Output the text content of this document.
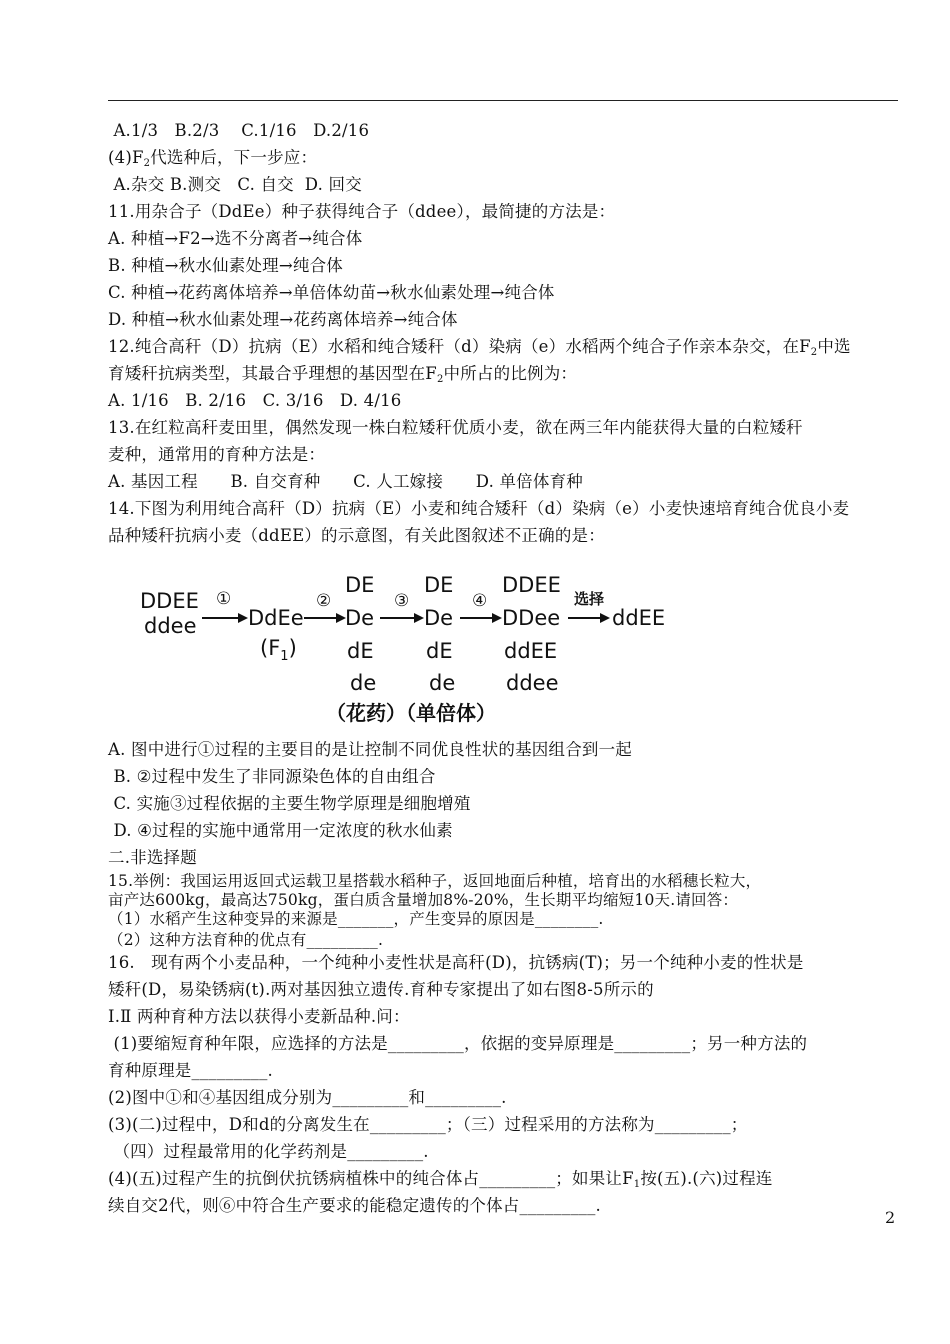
A.1/3   B.2/3    C.1/16   D.2/16
$(4)F_2$代选种后，下一步应：
A.杂交 B.测交   C. 自交  D. 回交
11.用杂合子（DdEe）种子获得纯合子（ddee），最简捷的方法是：
A. 种植→F2→选不分离者→纯合体
B. 种植→秋水仙素处理→纯合体
C. 种植→花药离体培养→单倍体幼苗→秋水仙素处理→纯合体
D. 种植→秋水仙素处理→花药离体培养→纯合体
12.纯合高秆（D）抗病（E）水稻和纯合矮秆（d）染病（e）水稻两个纯合子作亲本杂交，在$F_2$中选
育矮秆抗病类型，其最合乎理想的基因型在$F_2$中所占的比例为：
A. 1/16   B. 2/16   C. 3/16   D. 4/16
13.在红粒高秆麦田里，偶然发现一株白粒矮秆优质小麦，欲在两三年内能获得大量的白粒矮秆
麦种，通常用的育种方法是：
A. 基因工程      B. 自交育种      C. 人工嫁接      D. 单倍体育种
14.下图为利用纯合高秆（D）抗病（E）小麦和纯合矮秆（d）染病（e）小麦快速培育纯合优良小麦
品种矮秆抗病小麦（ddEE）的示意图，有关此图叙述不正确的是：
A. 图中进行①过程的主要目的是让控制不同优良性状的基因组合到一起
B. ②过程中发生了非同源染色体的自由组合
C. 实施③过程依据的主要生物学原理是细胞增殖
D. ④过程的实施中通常用一定浓度的秋水仙素
二.非选择题
15.举例：我国运用返回式运载卫星搭载水稻种子，返回地面后种植，培育出的水稻穗长粒大，
亩产达600kg，最高达750kg，蛋白质含量增加8%-20%，生长期平均缩短10天.请回答：
（1）水稻产生这种变异的来源是_______，产生变异的原因是________.
（2）这种方法育种的优点有_________.
16.   现有两个小麦品种，一个纯种小麦性状是高秆(D)，抗锈病(T)；另一个纯种小麦的性状是
矮秆(D，易染锈病(t).两对基因独立遗传.育种专家提出了如右图8-5所示的
Ⅰ.Ⅱ 两种育种方法以获得小麦新品种.问：
(1)要缩短育种年限，应选择的方法是_________，依据的变异原理是_________；另一种方法的
育种原理是_________.
(2)图中①和④基因组成分别为_________和_________.
(3)(二)过程中，D和d的分离发生在_________；（三）过程采用的方法称为_________；
（四）过程最常用的化学药剂是_________.
(4)(五)过程产生的抗倒伏抗锈病植株中的纯合体占_________；如果让$F_1$按(五).(六)过程连
续自交2代，则⑥中符合生产要求的能稳定遗传的个体占_________.
DDEE
ddee
①
DdEe
$(F_1)$
②
DE
De
dE
de
③
DE
De
dE
de
④
DDEE
DDee
ddEE
ddee
选择
ddEE
（花药）（单倍体）
2
